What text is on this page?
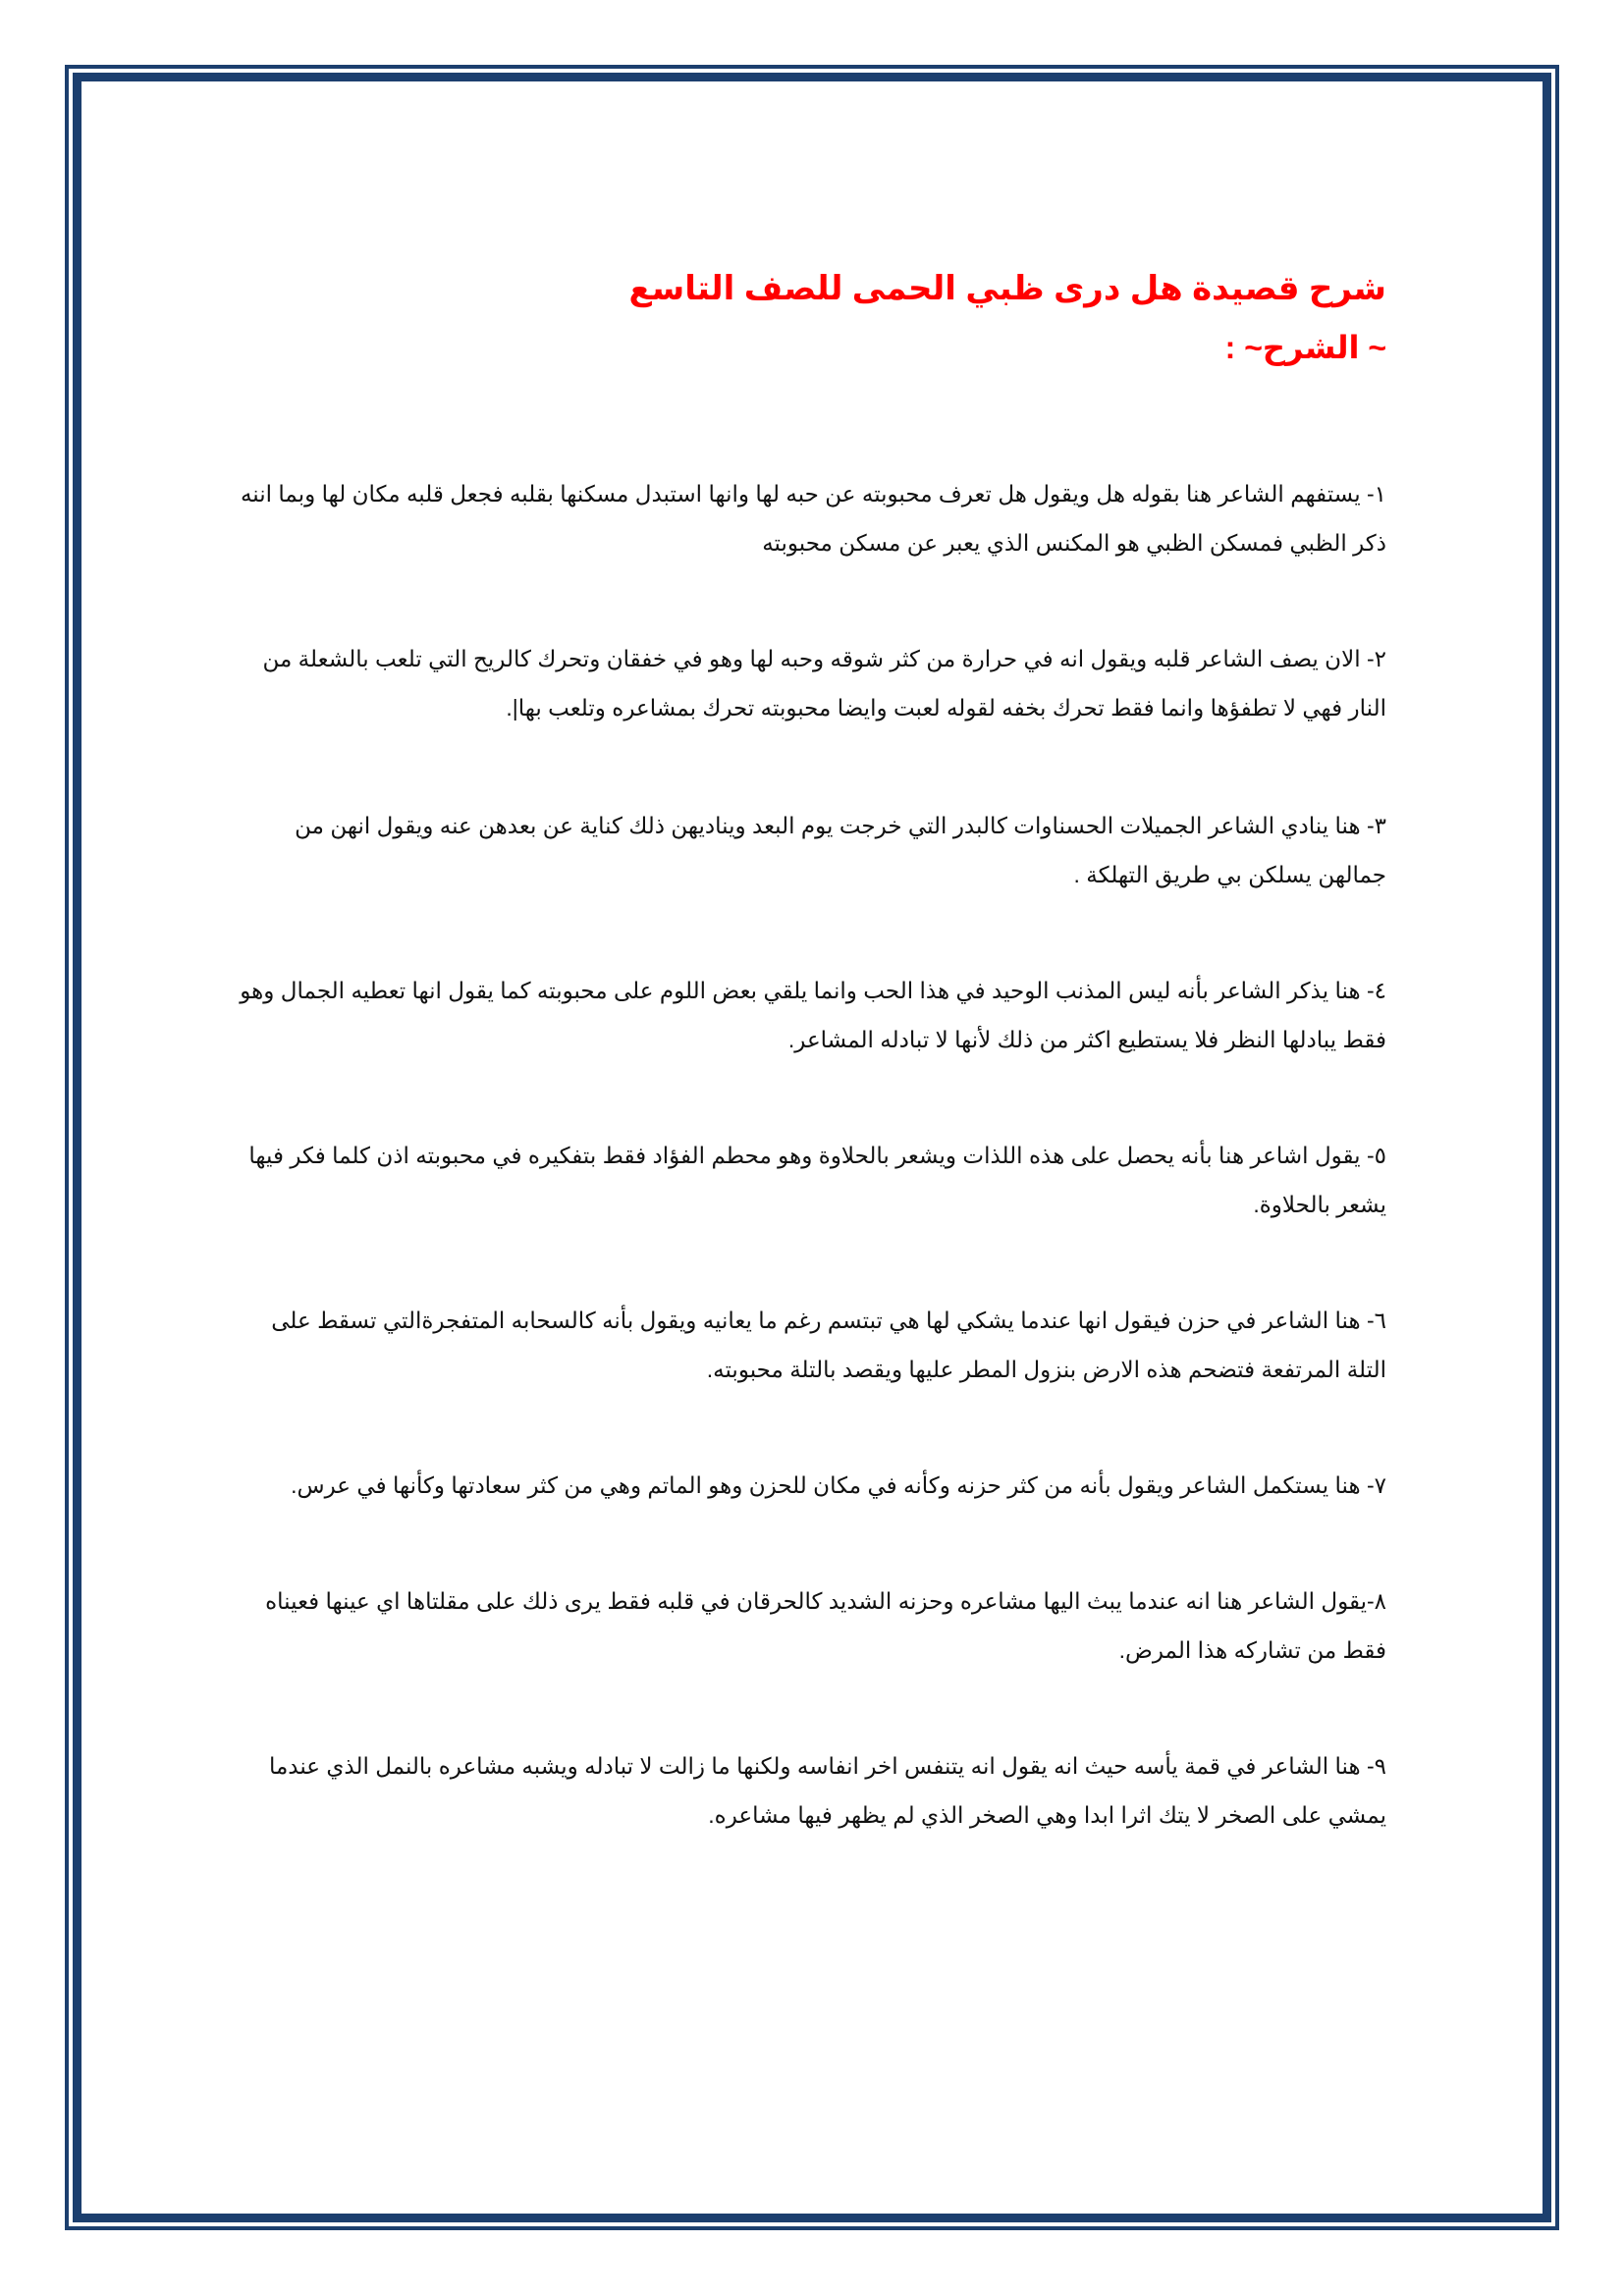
شرح قصيدة هل درى ظبي الحمى للصف التاسع
~ الشرح~ :

١- يستفهم الشاعر هنا بقوله هل ويقول هل تعرف محبوبته عن حبه لها وانها استبدل مسكنها بقلبه فجعل قلبه مكان لها وبما اننه ذكر الظبي فمسكن الظبي هو المكنس الذي يعبر عن مسكن محبوبته

٢- الان يصف الشاعر قلبه ويقول انه في حرارة من كثر شوقه وحبه لها وهو في خفقان وتحرك كالريح التي تلعب بالشعلة من النار فهي لا تطفؤها وانما فقط تحرك بخفه لقوله لعبت وايضا محبوبته تحرك بمشاعره وتلعب بها|.

٣- هنا ينادي الشاعر الجميلات الحسناوات كالبدر التي خرجت يوم البعد ويناديهن ذلك كناية عن بعدهن عنه ويقول انهن من جمالهن يسلكن بي طريق التهلكة .

٤- هنا يذكر الشاعر بأنه ليس المذنب الوحيد في هذا الحب وانما يلقي بعض اللوم على محبوبته كما يقول انها تعطيه الجمال وهو فقط يبادلها النظر فلا يستطيع اكثر من ذلك لأنها لا تبادله المشاعر.

٥- يقول اشاعر هنا بأنه يحصل على هذه اللذات ويشعر بالحلاوة وهو محطم الفؤاد فقط بتفكيره في محبوبته اذن كلما فكر فيها يشعر بالحلاوة.

٦- هنا الشاعر في حزن فيقول انها عندما يشكي لها هي تبتسم رغم ما يعانيه ويقول بأنه كالسحابه المتفجرةالتي تسقط على التلة المرتفعة فتضحم هذه الارض بنزول المطر عليها ويقصد بالتلة محبوبته.

٧- هنا يستكمل الشاعر ويقول بأنه من كثر حزنه وكأنه في مكان للحزن وهو الماتم وهي من كثر سعادتها وكأنها في عرس.

٨-يقول الشاعر هنا انه عندما يبث اليها مشاعره وحزنه الشديد كالحرقان في قلبه فقط يرى ذلك على مقلتاها اي عينها فعيناه فقط من تشاركه هذا المرض.

٩- هنا الشاعر في قمة يأسه حيث انه يقول انه يتنفس اخر انفاسه ولكنها ما زالت لا تبادله ويشبه مشاعره بالنمل الذي عندما يمشي على الصخر لا يتك اثرا ابدا وهي الصخر الذي لم يظهر فيها مشاعره.
